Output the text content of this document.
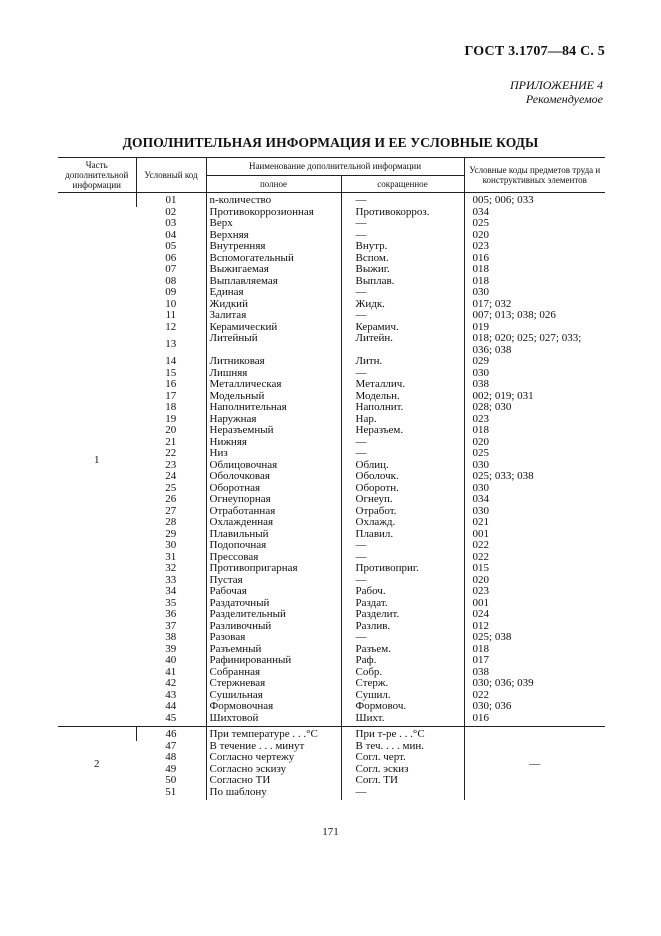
ГОСТ 3.1707—84 С. 5
ПРИЛОЖЕНИЕ 4
Рекомендуемое
ДОПОЛНИТЕЛЬНАЯ ИНФОРМАЦИЯ И ЕЕ УСЛОВНЫЕ КОДЫ
Часть дополнительной информации	Условный код	Наименование дополнительной информации		Условные коды предметов труда и конструктивных элементов
		полное	сокращенное	
1	01	n-количество	—	005; 006; 033
	02	Противокоррозионная	Противокорроз.	034
	03	Верх	—	025
	04	Верхняя	—	020
	05	Внутренняя	Внутр.	023
	06	Вспомогательный	Вспом.	016
	07	Выжигаемая	Выжиг.	018
	08	Выплавляемая	Выплав.	018
	09	Единая	—	030
	10	Жидкий	Жидк.	017; 032
	11	Залитая	—	007; 013; 038; 026
	12	Керамический	Керамич.	019
	13	Литейный	Литейн.	018; 020; 025; 027; 033; 036; 038
	14	Литниковая	Литн.	029
	15	Лишняя	—	030
	16	Металлическая	Металлич.	038
	17	Модельный	Модельн.	002; 019; 031
	18	Наполнительная	Наполнит.	028; 030
	19	Наружная	Нар.	023
	20	Неразъемный	Неразъем.	018
	21	Нижняя	—	020
	22	Низ	—	025
	23	Облицовочная	Облиц.	030
	24	Оболочковая	Оболочк.	025; 033; 038
	25	Оборотная	Оборотн.	030
	26	Огнеупорная	Огнеуп.	034
	27	Отработанная	Отработ.	030
	28	Охлажденная	Охлажд.	021
	29	Плавильный	Плавил.	001
	30	Подопочная	—	022
	31	Прессовая	—	022
	32	Противопригарная	Противоприг.	015
	33	Пустая	—	020
	34	Рабочая	Рабоч.	023
	35	Раздаточный	Раздат.	001
	36	Разделительный	Разделит.	024
	37	Разливочный	Разлив.	012
	38	Разовая	—	025; 038
	39	Разъемный	Разъем.	018
	40	Рафинированный	Раф.	017
	41	Собранная	Собр.	038
	42	Стержневая	Стерж.	030; 036; 039
	43	Сушильная	Сушил.	022
	44	Формовочная	Формовоч.	030; 036
	45	Шихтовой	Шихт.	016
2	46	При температуре . . .°С	При т-ре . . .°С	—
	47	В течение . . . минут	В теч. . . . мин.	
	48	Согласно чертежу	Согл. черт.	
	49	Согласно эскизу	Согл. эскиз	
	50	Согласно ТИ	Согл. ТИ	
	51	По шаблону	—	
171
